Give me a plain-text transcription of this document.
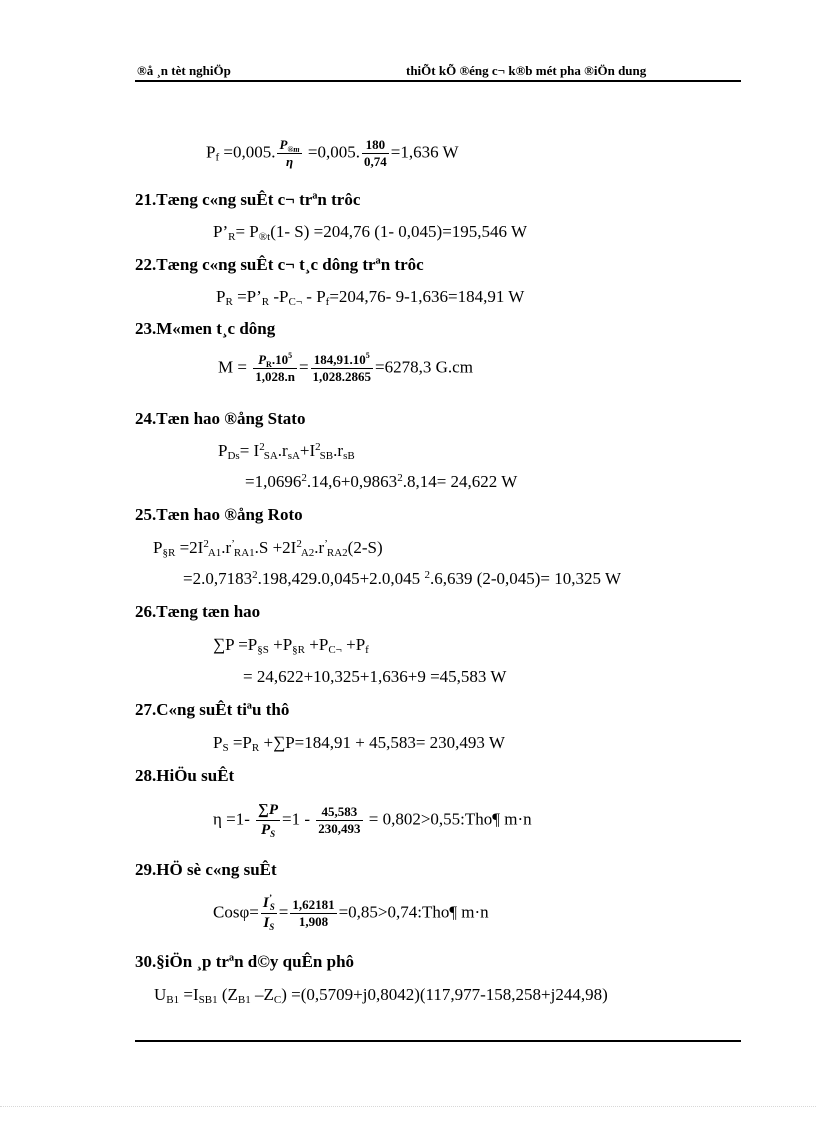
®å ¸n tèt nghiÖp	thiÕt kÕ ®éng c¬ k®b mét pha ®iÖn dung
$P_f =0,005$. $\frac{P_{®m}}{\eta} =0,005$. $\frac{180}{0,74} =1,636$ W
21.Tæng c«ng suÊt c¬ trªn trôc
$P’_R= P_{®t}(1-$ S) =204,76 (1- 0,045)=195,546 W
22.Tæng c«ng suÊt c¬ t¸c dông trªn trôc
$P_R$ $=P’_R$ $-P_{C\neg} - P_f=204,76-$ 9-1,636=184,91 W
23.M«men t¸c dông
$M = \frac{P_R.10^5}{1,028.n} = \frac{184,91.10^5}{1,028.2865} =6278,3$ G.cm
24.Tæn hao ®ång Stato
$P_{Ds}= I^2_{SA}.r_{sA}+I^2_{SB}.r_{sB}$
$=1,0696^2.14,6+0,9863^2.8,14= 24,622$ W
25.Tæn hao ®ång Roto
$P_{\S R} =2I^2_{A1}.r^’_{RA1}.S +2I^2_{A2}.r^’_{RA2}(2-S)$
$=2.0,7183^2.198,429.0,045+2.0,045$ $^2$.6,639 (2-0,045)= 10,325 W
26.Tæng tæn hao
$\sum P =P_{\S S} +P_{\S R} +P_{C\neg} +P_f$
= 24,622+10,325+1,636+9 =45,583 W
27.C«ng suÊt tiªu thô
$P_S =P_R +\sum P=184,91 + 45,583= 230,493$ W
28.HiÖu suÊt
$\eta =1- \frac{\sum P}{P_S} =1 - \frac{45,583}{230,493}$ = 0,802>0,55:Tho¶ m·n
29.HÖ sè c«ng suÊt
$Cos\varphi= \frac{I^’_S}{I_S} = \frac{1,62181}{1,908}$ =0,85>0,74:Tho¶ m·n
30.§iÖn ¸p trªn d©y quÊn phô
$U_{B1} =I_{SB1}$ ($Z_{B1}$ $-Z_C) =(0,5709+j0,8042)(117,977-158,258+j244,98)$
